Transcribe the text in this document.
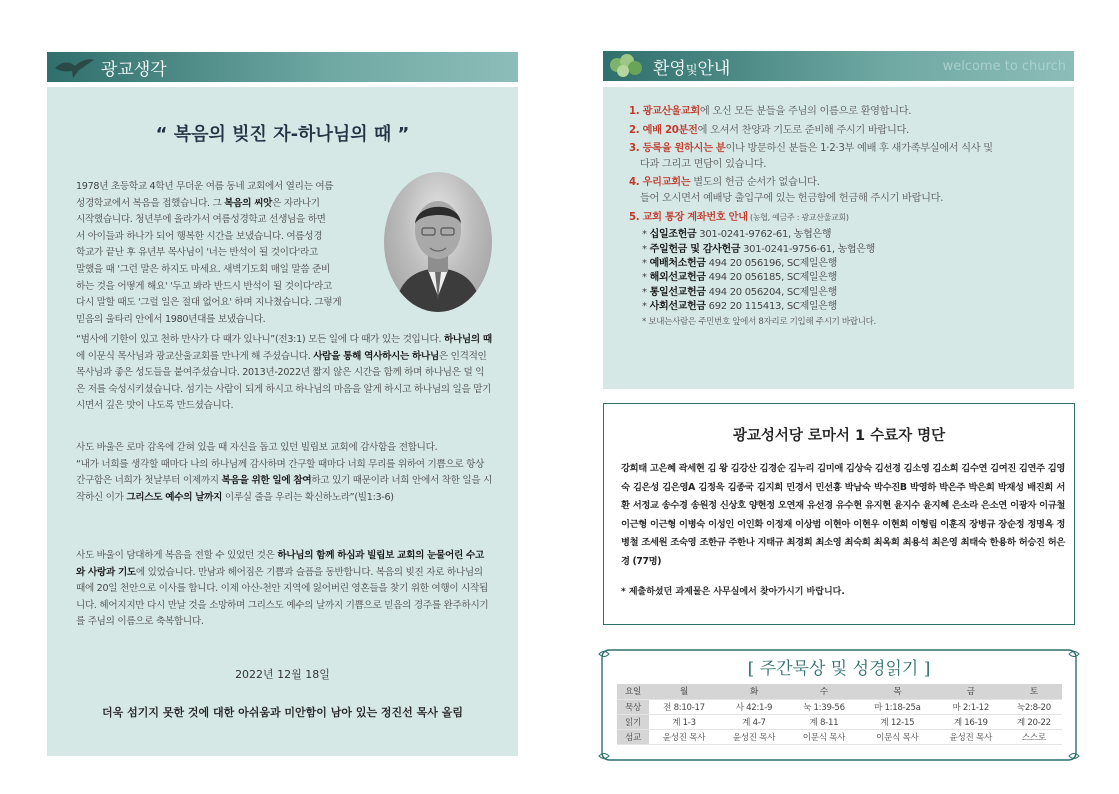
광교생각
“ 복음의 빚진 자-하나님의 때 ”
1978년 초등학교 4학년 무더운 여름 동네 교회에서 열리는 여름
성경학교에서 복음을 접했습니다. 그 복음의 씨앗은 자라나기
시작했습니다. 청년부에 올라가서 여름성경학교 선생님을 하면
서 아이들과 하나가 되어 행복한 시간을 보냈습니다. 여름성경
학교가 끝난 후 유년부 목사님이 '너는 반석이 될 것이다'라고
말했을 때 '그런 말은 하지도 마세요. 새벽기도회 매일 말씀 준비
하는 것을 어떻게 해요' '두고 봐라 반드시 반석이 될 것이다'라고
다시 말할 때도 '그럴 일은 절대 없어요' 하며 지나쳤습니다. 그렇게
믿음의 울타리 안에서 1980년대를 보냈습니다.
“범사에 기한이 있고 천하 만사가 다 때가 있나니”(전3:1) 모든 일에 다 때가 있는 것입니다. 하나님의 때에 이문식 목사님과 광교산울교회를 만나게 해 주셨습니다. 사람을 통해 역사하시는 하나님은 인격적인 목사님과 좋은 성도들을 붙여주셨습니다. 2013년-2022년 짧지 않은 시간을 함께 하며 하나님은 덜 익은 저를 숙성시키셨습니다. 섬기는 사람이 되게 하시고 하나님의 마음을 알게 하시고 하나님의 일을 맡기시면서 깊은 맛이 나도록 만드셨습니다.
사도 바울은 로마 감옥에 갇혀 있을 때 자신을 돕고 있던 빌립보 교회에 감사함을 전합니다.
“내가 너희를 생각할 때마다 나의 하나님께 감사하며 간구할 때마다 너희 무리를 위하여 기쁨으로 항상 간구함은 너희가 첫날부터 이제까지 복음을 위한 일에 참여하고 있기 때문이라 너희 안에서 착한 일을 시작하신 이가 그리스도 예수의 날까지 이루실 줄을 우리는 확신하노라”(빌1:3-6)
사도 바울이 담대하게 복음을 전할 수 있었던 것은 하나님의 함께 하심과 빌립보 교회의 눈물어린 수고와 사랑과 기도에 있었습니다. 만남과 헤어짐은 기쁨과 슬픔을 동반합니다. 복음의 빚진 자로 하나님의 때에 20일 천안으로 이사를 합니다. 이제 아산-천안 지역에 잃어버린 영혼들을 찾기 위한 여행이 시작됩니다. 헤어지지만 다시 만날 것을 소망하며 그리스도 예수의 날까지 기쁨으로 믿음의 경주를 완주하시기를 주님의 이름으로 축복합니다.
2022년 12월 18일
더욱 섬기지 못한 것에 대한 아쉬움과 미안함이 남아 있는 정진선 목사 올림
환영및안내	welcome to church
1. 광교산울교회에 오신 모든 분들을 주님의 이름으로 환영합니다.
2. 예배 20분전에 오셔서 찬양과 기도로 준비해 주시기 바랍니다.
3. 등록을 원하시는 분이나 방문하신 분들은 1·2·3부 예배 후 새가족부실에서 식사 및
다과 그리고 면담이 있습니다.
4. 우리교회는 별도의 헌금 순서가 없습니다.
들어 오시면서 예배당 출입구에 있는 헌금함에 헌금해 주시기 바랍니다.
5. 교회 통장 계좌번호 안내 (농협, 예금주 : 광교산울교회)
* 십일조헌금 301-0241-9762-61, 농협은행
* 주일헌금 및 감사헌금 301-0241-9756-61, 농협은행
* 예배처소헌금 494 20 056196, SC제일은행
* 해외선교헌금 494 20 056185, SC제일은행
* 통일선교헌금 494 20 056204, SC제일은행
* 사회선교헌금 692 20 115413, SC제일은행
* 보내는사람은 주민번호 앞에서 8자리로 기입해 주시기 바랍니다.
광교성서당 로마서 1 수료자 명단
강희태 고은혜 곽세현 김 왕 김강산 김경순 김누리 김미애 김상숙 김선경 김소영 김소희 김수연 김여진 김연주 김영숙 김은성 김은영A 김정욱 김종국 김지희 민경서 민선홍 박남숙 박수진B 박영하 박은주 박은희 박재성 배진희 서 환 서정교 송수경 송원정 신상호 양현정 오연재 유선경 유수현 유지현 윤지수 윤지혜 은소라 은소연 이광자 이규철 이근형 이근형 이병숙 이성인 이인화 이정재 이상범 이현아 이현우 이현희 이형림 이훈직 장병규 장순정 정명옥 정병철 조세원 조숙영 조한규 주한나 지태규 최경희 최소영 최숙희 최옥희 최용석 최은영 최태숙 한용하 허승진 허은경 (77명)
* 제출하셨던 과제물은 사무실에서 찾아가시기 바랍니다.
[ 주간묵상 및 성경읽기 ]
요일	월	화	수	목	금	토
묵상	전 8:10-17	사 42:1-9	눅 1:39-56	마 1:18-25a	마 2:1-12	눅2:8-20
읽기	계 1-3	계 4-7	계 8-11	계 12-15	계 16-19	계 20-22
섬교	윤성진 목사	윤성진 목사	이문식 목사	이문식 목사	윤성진 목사	스스로
